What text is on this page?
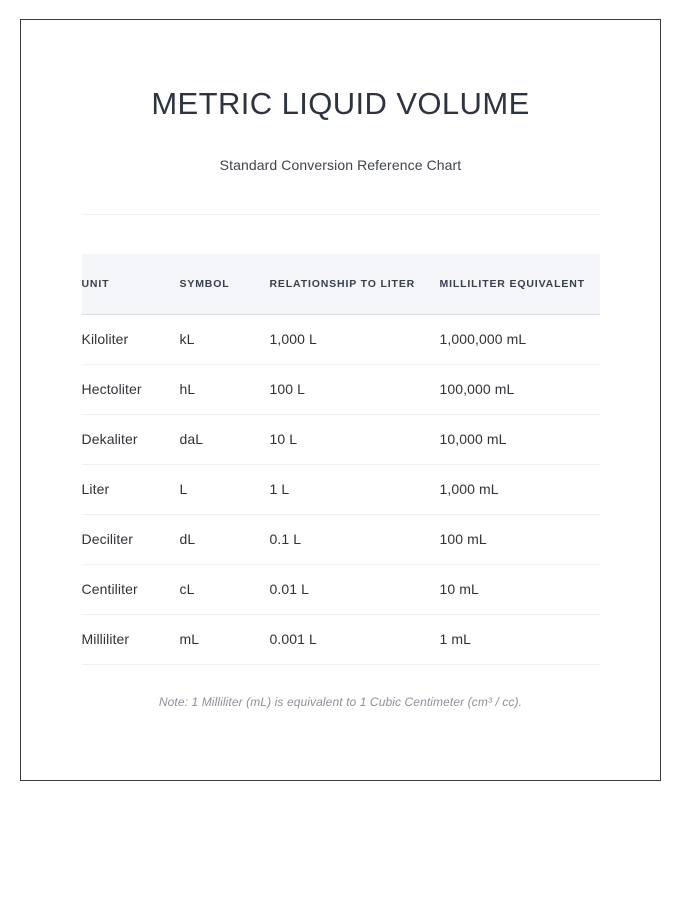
METRIC LIQUID VOLUME

Standard Conversion Reference Chart

UNIT	SYMBOL	RELATIONSHIP TO LITER	MILLILITER EQUIVALENT
Kiloliter	kL	1,000 L	1,000,000 mL
Hectoliter	hL	100 L	100,000 mL
Dekaliter	daL	10 L	10,000 mL
Liter	L	1 L	1,000 mL
Deciliter	dL	0.1 L	100 mL
Centiliter	cL	0.01 L	10 mL
Milliliter	mL	0.001 L	1 mL

Note: 1 Milliliter (mL) is equivalent to 1 Cubic Centimeter (cm³ / cc).
